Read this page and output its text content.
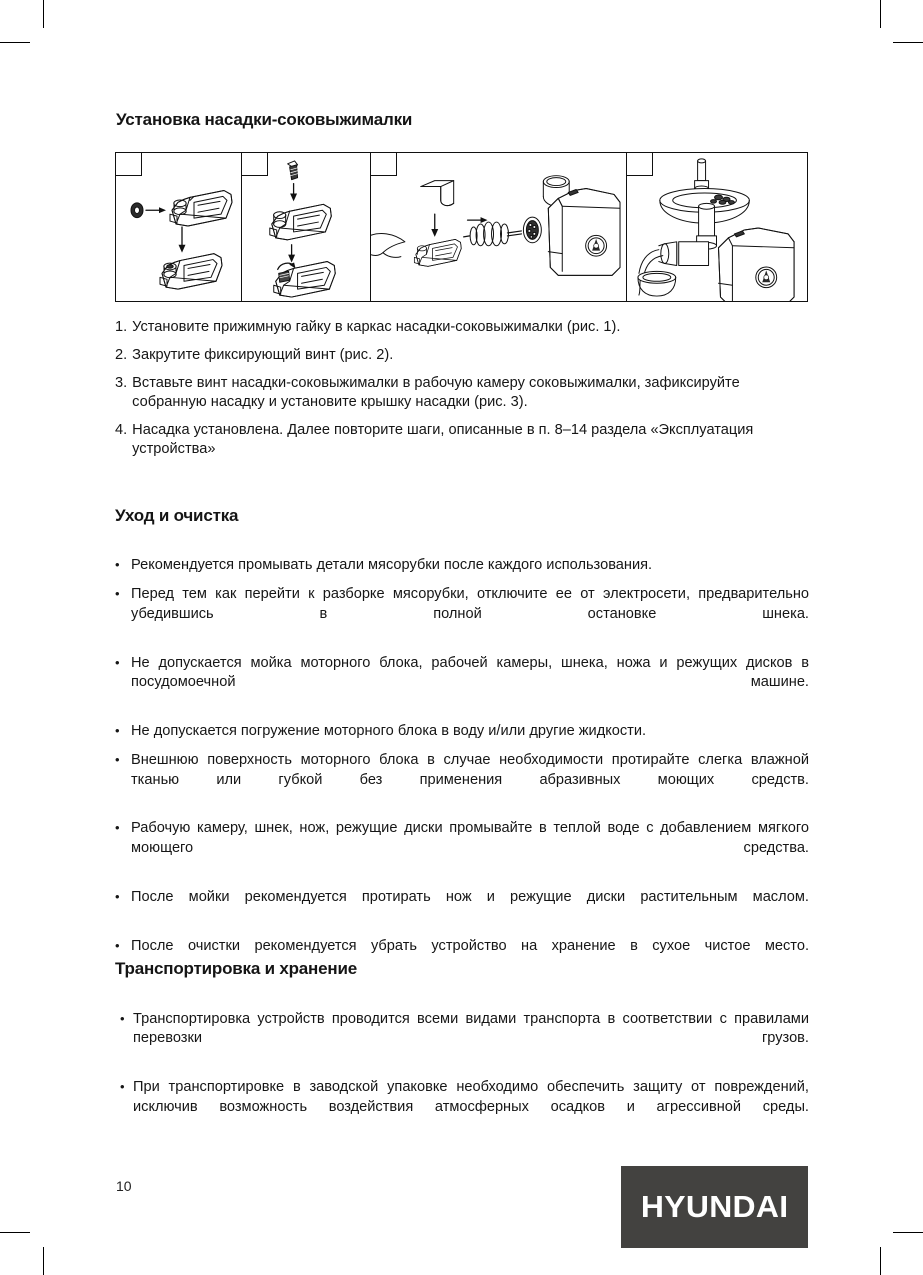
Установка насадки-соковыжималки
1. Установите прижимную гайку в каркас насадки-соковыжималки (рис. 1).
2. Закрутите фиксирующий винт (рис. 2).
3. Вставьте винт насадки-соковыжималки в рабочую камеру соковыжималки, зафиксируйте собранную насадку и установите крышку насадки (рис. 3).
4. Насадка установлена. Далее повторите шаги, описанные в п. 8–14 раздела «Эксплуатация устройства»
Уход и очистка
• Рекомендуется промывать детали мясорубки после каждого использования.
• Перед тем как перейти к разборке мясорубки, отключите ее от электросети, предварительно убедившись в полной остановке шнека.
• Не допускается мойка моторного блока, рабочей камеры, шнека, ножа и режущих дисков в посудомоечной машине.
• Не допускается погружение моторного блока в воду и/или другие жидкости.
• Внешнюю поверхность моторного блока в случае необходимости протирайте слегка влажной тканью или губкой без применения абразивных моющих средств.
• Рабочую камеру, шнек, нож, режущие диски промывайте в теплой воде с добавлением мягкого моющего средства.
• После мойки рекомендуется протирать нож и режущие диски растительным маслом.
• После очистки рекомендуется убрать устройство на хранение в сухое чистое место.
Транспортировка и хранение
• Транспортировка устройств проводится всеми видами транспорта в соответствии с правилами перевозки грузов.
• При транспортировке в заводской упаковке необходимо обеспечить защиту от повреждений, исключив возможность воздействия атмосферных осадков и агрессивной среды.
10
HYUNDAI
